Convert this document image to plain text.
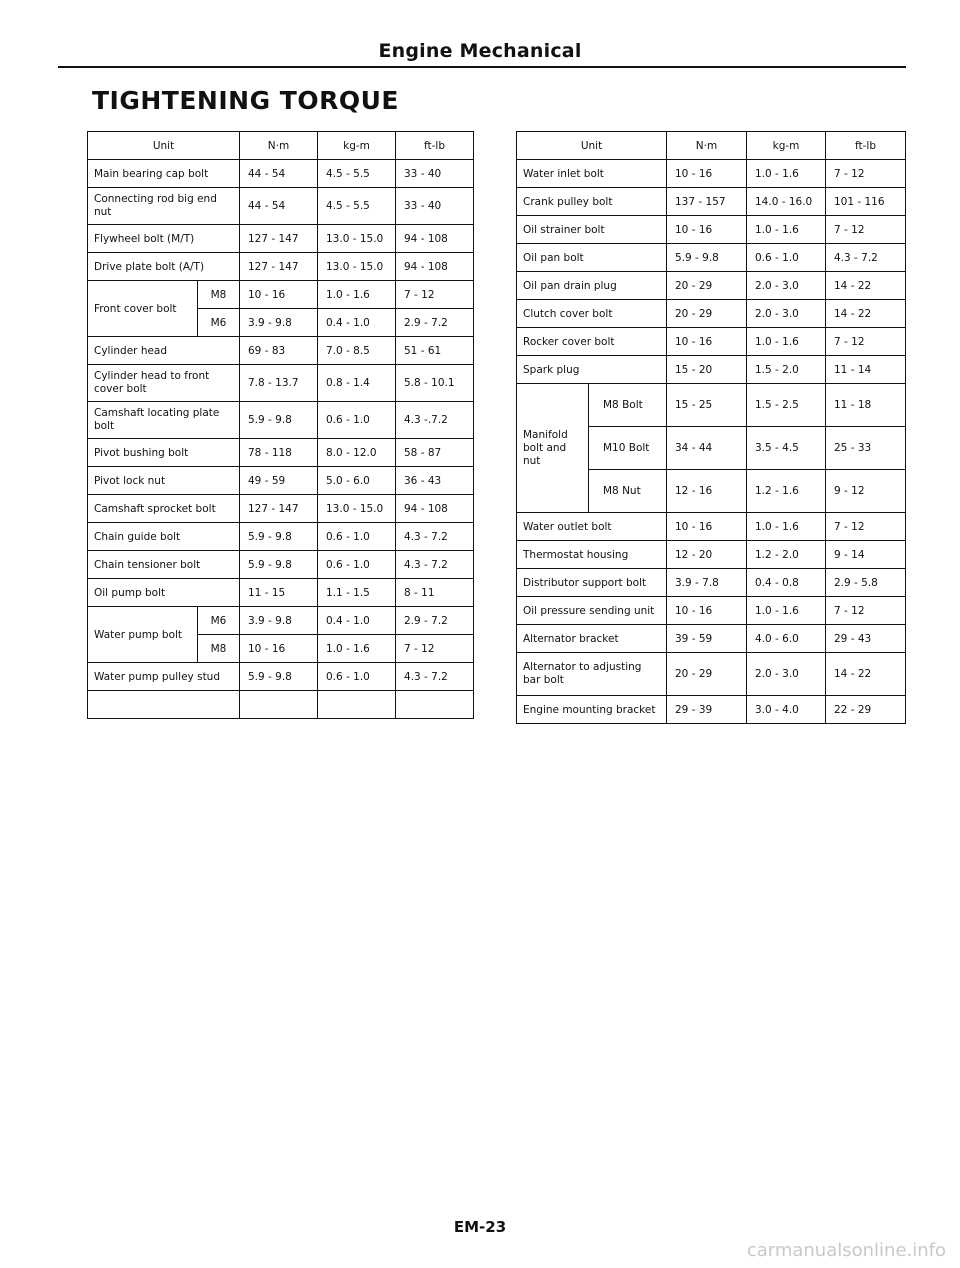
Engine Mechanical
TIGHTENING TORQUE
Unit		N·m	kg-m	ft-lb
Main bearing cap bolt		44 - 54	4.5 - 5.5	33 - 40
Connecting rod big end nut		44 - 54	4.5 - 5.5	33 - 40
Flywheel bolt (M/T)		127 - 147	13.0 - 15.0	94 - 108
Drive plate bolt (A/T)		127 - 147	13.0 - 15.0	94 - 108
Front cover bolt	M8	10 - 16	1.0 - 1.6	7 - 12
	M6	3.9 - 9.8	0.4 - 1.0	2.9 - 7.2
Cylinder head		69 - 83	7.0 - 8.5	51 - 61
Cylinder head to front cover bolt		7.8 - 13.7	0.8 - 1.4	5.8 - 10.1
Camshaft locating plate bolt		5.9 - 9.8	0.6 - 1.0	4.3 -.7.2
Pivot bushing bolt		78 - 118	8.0 - 12.0	58 - 87
Pivot lock nut		49 - 59	5.0 - 6.0	36 - 43
Camshaft sprocket bolt		127 - 147	13.0 - 15.0	94 - 108
Chain guide bolt		5.9 - 9.8	0.6 - 1.0	4.3 - 7.2
Chain tensioner bolt		5.9 - 9.8	0.6 - 1.0	4.3 - 7.2
Oil pump bolt		11 - 15	1.1 - 1.5	8 - 11
Water pump bolt	M6	3.9 - 9.8	0.4 - 1.0	2.9 - 7.2
	M8	10 - 16	1.0 - 1.6	7 - 12
Water pump pulley stud		5.9 - 9.8	0.6 - 1.0	4.3 - 7.2

Unit		N·m	kg-m	ft-lb
Water inlet bolt		10 - 16	1.0 - 1.6	7 - 12
Crank pulley bolt		137 - 157	14.0 - 16.0	101 - 116
Oil strainer bolt		10 - 16	1.0 - 1.6	7 - 12
Oil pan bolt		5.9 - 9.8	0.6 - 1.0	4.3 - 7.2
Oil pan drain plug		20 - 29	2.0 - 3.0	14 - 22
Clutch cover bolt		20 - 29	2.0 - 3.0	14 - 22
Rocker cover bolt		10 - 16	1.0 - 1.6	7 - 12
Spark plug		15 - 20	1.5 - 2.0	11 - 14
Manifold bolt and nut	M8 Bolt	15 - 25	1.5 - 2.5	11 - 18
	M10 Bolt	34 - 44	3.5 - 4.5	25 - 33
	M8 Nut	12 - 16	1.2 - 1.6	9 - 12
Water outlet bolt		10 - 16	1.0 - 1.6	7 - 12
Thermostat housing		12 - 20	1.2 - 2.0	9 - 14
Distributor support bolt		3.9 - 7.8	0.4 - 0.8	2.9 - 5.8
Oil pressure sending unit		10 - 16	1.0 - 1.6	7 - 12
Alternator bracket		39 - 59	4.0 - 6.0	29 - 43
Alternator to adjusting bar bolt		20 - 29	2.0 - 3.0	14 - 22
Engine mounting bracket		29 - 39	3.0 - 4.0	22 - 29
EM-23
carmanualsonline.info
